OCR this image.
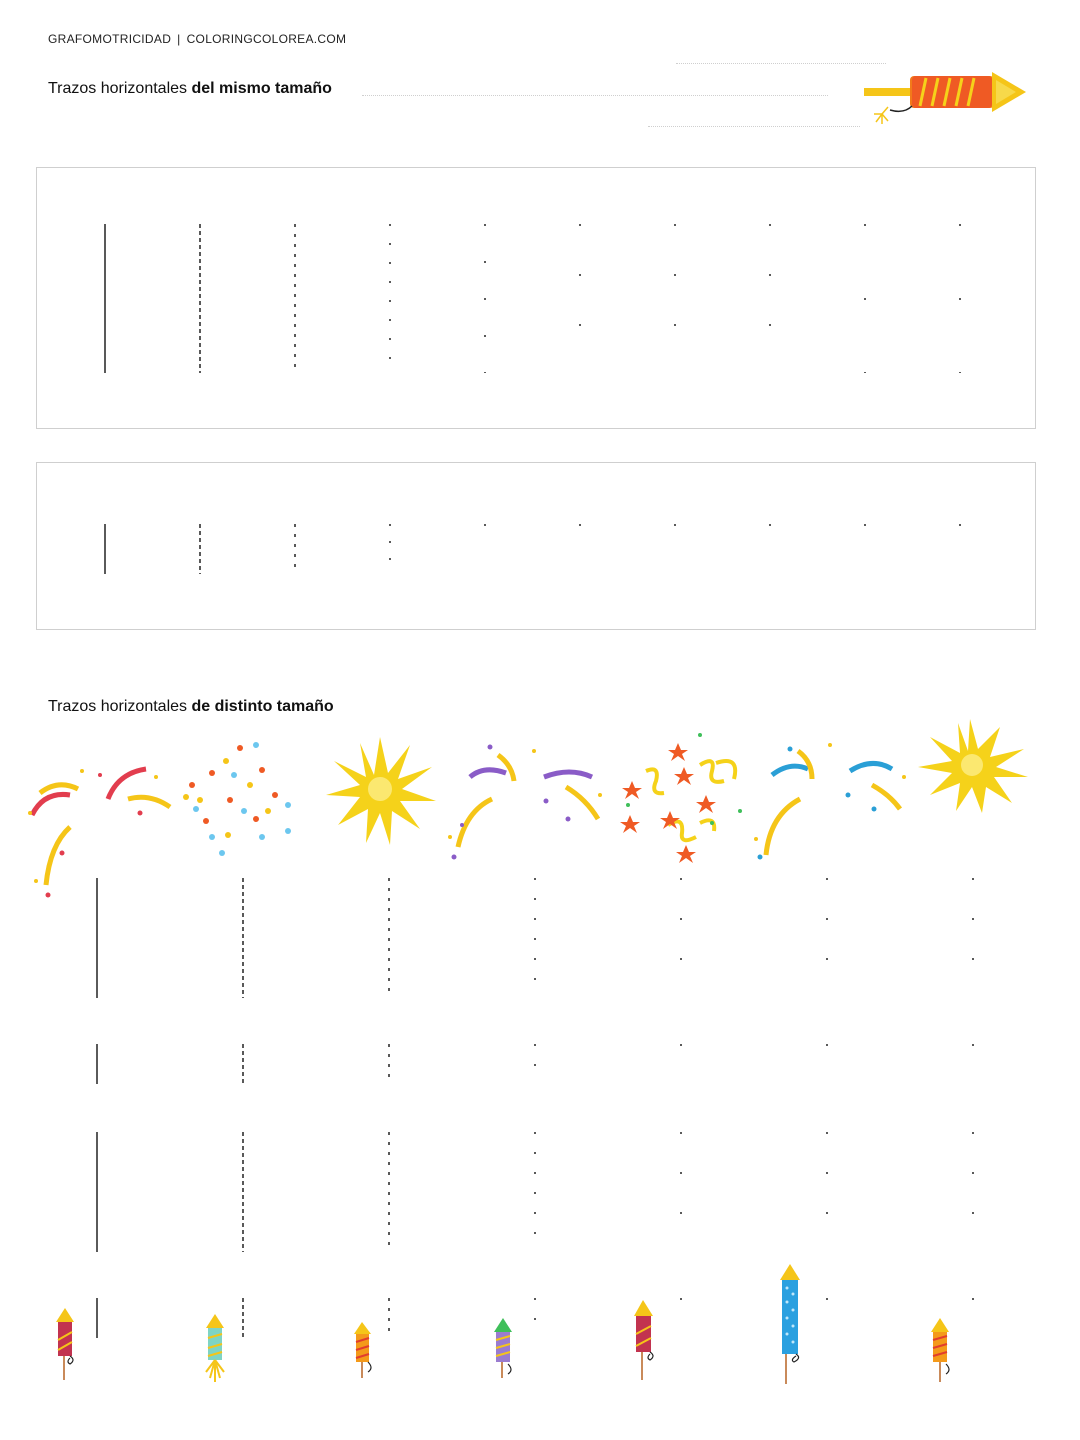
GRAFOMOTRICIDAD | COLORINGCOLOREA.COM
Trazos horizontales del mismo tamaño
Trazos horizontales de distinto tamaño
